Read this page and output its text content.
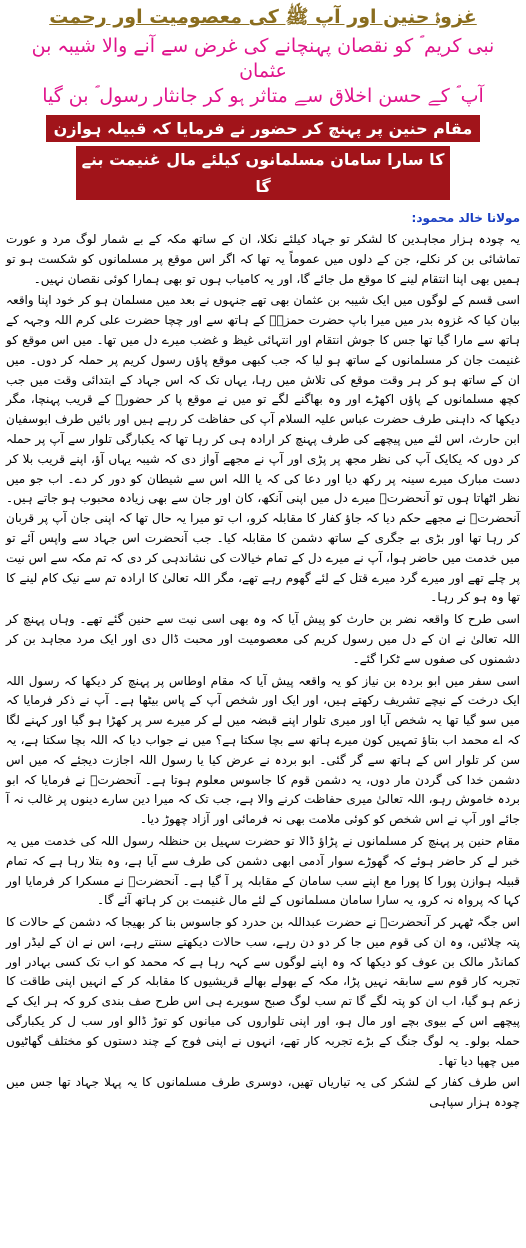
غزوۂ حنین اور آپ ﷺ کی معصومیت اور رحمت
نبی کریم ؐ کو نقصان پہنچانے کی غرض سے آنے والا شیبہ بن عثمان
آپ ؐ کے حسن اخلاق سے متاثر ہو کر جانثار رسول ؐ بن گیا
مقام حنین پر پہنچ کر حضور نے فرمایا کہ قبیلہ ہوازن
کا سارا سامان مسلمانوں کیلئے مال غنیمت بنے گا
مولانا خالد محمود:

یہ چودہ ہزار مجاہدین کا لشکر تو جہاد کیلئے نکلا، ان کے ساتھ مکہ کے بے شمار لوگ مرد و عورت تماشائی بن کر نکلے، جن کے دلوں میں عموماً یہ تھا کہ اگر اس موقع پر مسلمانوں کو شکست ہو تو ہمیں بھی اپنا انتقام لینے کا موقع مل جائے گا، اور یہ کامیاب ہوں تو بھی ہمارا کوئی نقصان نہیں۔

اسی قسم کے لوگوں میں ایک شیبہ بن عثمان بھی تھے جنہوں نے بعد میں مسلمان ہو کر خود اپنا واقعہ بیان کیا کہ غزوہ بدر میں میرا باپ حضرت حمزہؓ کے ہاتھ سے اور چچا حضرت علی کرم اللہ وجہہ کے ہاتھ سے مارا گیا تھا جس کا جوش انتقام اور انتہائی غیظ و غضب میرے دل میں تھا۔ میں اس موقع کو غنیمت جان کر مسلمانوں کے ساتھ ہو لیا کہ جب کبھی موقع پاؤں رسول کریم پر حملہ کر دوں۔ میں ان کے ساتھ ہو کر ہر وقت موقع کی تلاش میں رہا، یہاں تک کہ اس جہاد کے ابتدائی وقت میں جب کچھ مسلمانوں کے پاؤں اکھڑے اور وہ بھاگنے لگے تو میں نے موقع پا کر حضورؐ کے قریب پہنچا، مگر دیکھا کہ داہنی طرف حضرت عباس علیہ السلام آپ کی حفاظت کر رہے ہیں اور بائیں طرف ابوسفیان ابن حارث، اس لئے میں پیچھے کی طرف پہنچ کر ارادہ ہی کر رہا تھا کہ یکبارگی تلوار سے آپ پر حملہ کر دوں کہ یکایک آپ کی نظر مجھ پر پڑی اور آپ نے مجھے آواز دی کہ شیبہ یہاں آؤ، اپنے قریب بلا کر دست مبارک میرے سینہ پر رکھ دیا اور دعا کی کہ یا اللہ اس سے شیطان کو دور کر دے۔ اب جو میں نظر اٹھاتا ہوں تو آنحضرتؐ میرے دل میں اپنی آنکھ، کان اور جان سے بھی زیادہ محبوب ہو جاتے ہیں۔ آنحضرتؐ نے مجھے حکم دیا کہ جاؤ کفار کا مقابلہ کرو، اب تو میرا یہ حال تھا کہ اپنی جان آپ پر قربان کر رہا تھا اور بڑی بے جگری کے ساتھ دشمن کا مقابلہ کیا۔ جب آنحضرت اس جہاد سے واپس آئے تو میں خدمت میں حاضر ہوا، آپ نے میرے دل کے تمام خیالات کی نشاندہی کر دی کہ تم مکہ سے اس نیت پر چلے تھے اور میرے گرد میرے قتل کے لئے گھوم رہے تھے، مگر اللہ تعالیٰ کا ارادہ تم سے نیک کام لینے کا تھا وہ ہو کر رہا۔

اسی طرح کا واقعہ نضر بن حارث کو پیش آیا کہ وہ بھی اسی نیت سے حنین گئے تھے۔ وہاں پہنچ کر اللہ تعالیٰ نے ان کے دل میں رسول کریم کی معصومیت اور محبت ڈال دی اور ایک مرد مجاہد بن کر دشمنوں کی صفوں سے ٹکرا گئے۔

اسی سفر میں ابو بردہ بن نیاز کو یہ واقعہ پیش آیا کہ مقام اوطاس پر پہنچ کر دیکھا کہ رسول اللہ ایک درخت کے نیچے تشریف رکھتے ہیں، اور ایک اور شخص آپ کے پاس بیٹھا ہے۔ آپ نے ذکر فرمایا کہ میں سو گیا تھا یہ شخص آیا اور میری تلوار اپنے قبضہ میں لے کر میرے سر پر کھڑا ہو گیا اور کہنے لگا کہ اے محمد اب بتاؤ تمہیں کون میرے ہاتھ سے بچا سکتا ہے؟ میں نے جواب دیا کہ اللہ بچا سکتا ہے، یہ سن کر تلوار اس کے ہاتھ سے گر گئی۔ ابو بردہ نے عرض کیا یا رسول اللہ اجازت دیجئے کہ میں اس دشمن خدا کی گردن مار دوں، یہ دشمن قوم کا جاسوس معلوم ہوتا ہے۔ آنحضرتؐ نے فرمایا کہ ابو بردہ خاموش رہو، اللہ تعالیٰ میری حفاظت کرنے والا ہے، جب تک کہ میرا دین سارے دینوں پر غالب نہ آ جائے اور آپ نے اس شخص کو کوئی ملامت بھی نہ فرمائی اور آزاد چھوڑ دیا۔

مقام حنین پر پہنچ کر مسلمانوں نے پڑاؤ ڈالا تو حضرت سہیل بن حنظلہ رسول اللہ کی خدمت میں یہ خبر لے کر حاضر ہوئے کہ گھوڑے سوار آدمی ابھی دشمن کی طرف سے آیا ہے، وہ بتلا رہا ہے کہ تمام قبیلہ ہوازن پورا کا پورا مع اپنے سب سامان کے مقابلہ پر آ گیا ہے۔ آنحضرتؐ نے مسکرا کر فرمایا اور کہا کہ پرواہ نہ کرو، یہ سارا سامان مسلمانوں کے لئے مال غنیمت بن کر ہاتھ آئے گا۔

اس جگہ ٹھہر کر آنحضرتؐ نے حضرت عبداللہ بن حدرد کو جاسوس بنا کر بھیجا کہ دشمن کے حالات کا پتہ چلائیں، وہ ان کی قوم میں جا کر دو دن رہے، سب حالات دیکھتے سنتے رہے، اس نے ان کے لیڈر اور کمانڈر مالک بن عوف کو دیکھا کہ وہ اپنے لوگوں سے کہہ رہا ہے کہ محمد کو اب تک کسی بہادر اور تجربہ کار قوم سے سابقہ نہیں پڑا، مکہ کے بھولے بھالے قریشیوں کا مقابلہ کر کے انہیں اپنی طاقت کا زعم ہو گیا، اب ان کو پتہ لگے گا تم سب لوگ صبح سویرے ہی اس طرح صف بندی کرو کہ ہر ایک کے پیچھے اس کے بیوی بچے اور مال ہو، اور اپنی تلواروں کی میانوں کو توڑ ڈالو اور سب ل کر یکبارگی حملہ بولو۔ یہ لوگ جنگ کے بڑے تجربہ کار تھے، انہوں نے اپنی فوج کے چند دستوں کو مختلف گھاٹیوں میں چھپا دیا تھا۔

اس طرف کفار کے لشکر کی یہ تیاریاں تھیں، دوسری طرف مسلمانوں کا یہ پہلا جہاد تھا جس میں چودہ ہزار سپاہی
